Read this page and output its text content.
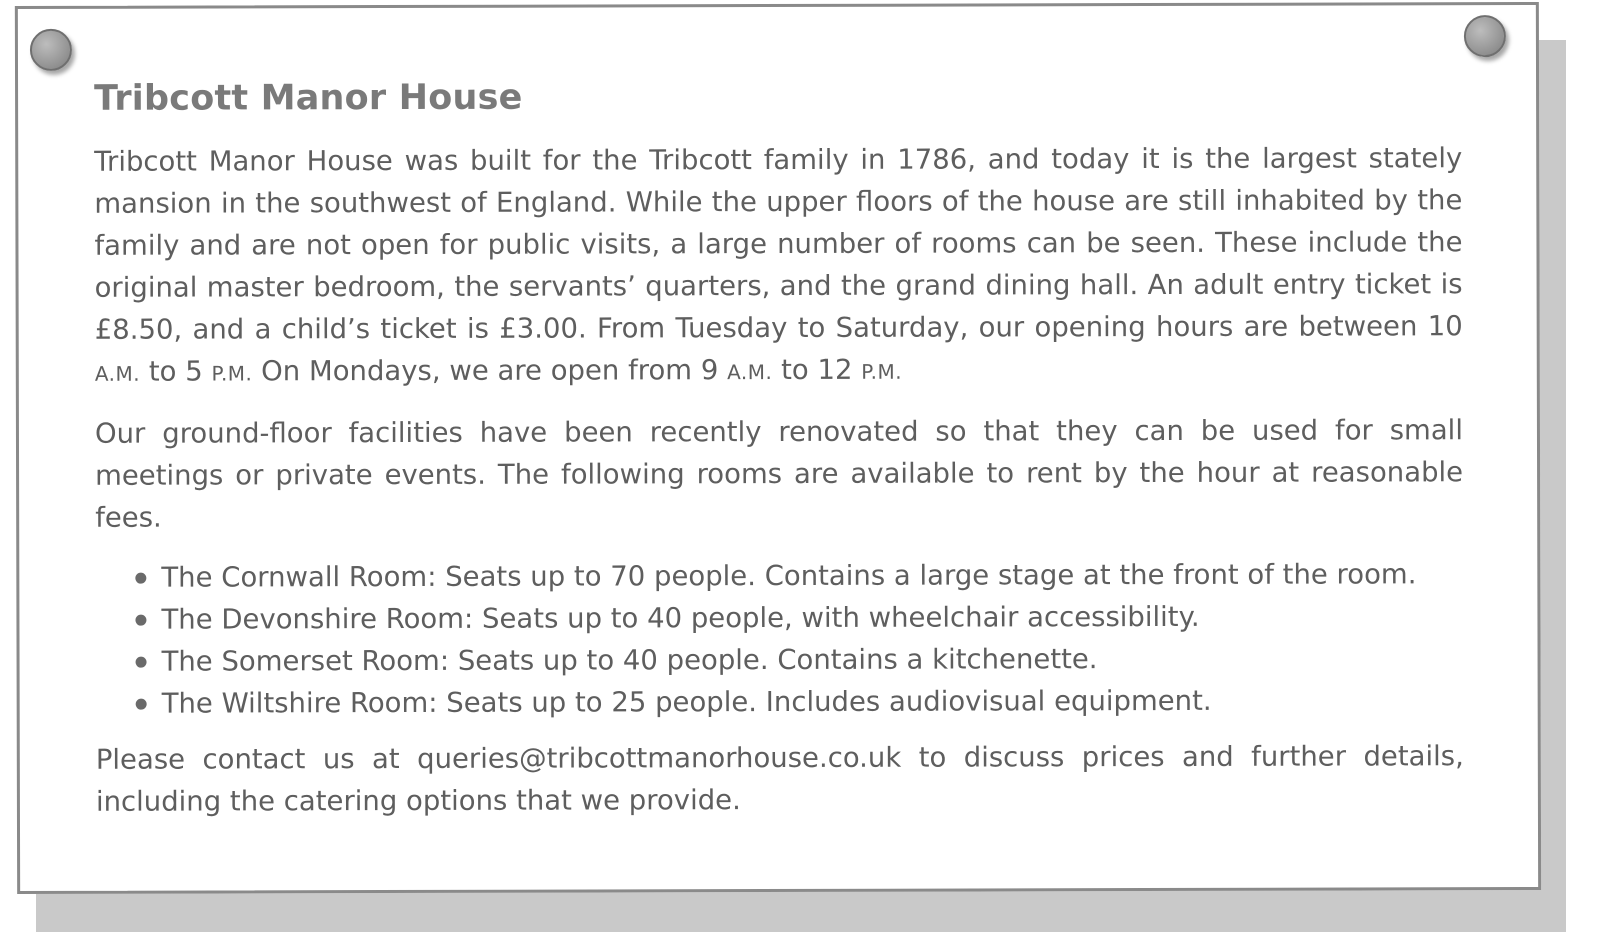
Tribcott Manor House

Tribcott Manor House was built for the Tribcott family in 1786, and today it is the largest stately mansion in the southwest of England. While the upper floors of the house are still inhabited by the family and are not open for public visits, a large number of rooms can be seen. These include the original master bedroom, the servants’ quarters, and the grand dining hall. An adult entry ticket is £8.50, and a child’s ticket is £3.00. From Tuesday to Saturday, our opening hours are between 10 A.M. to 5 P.M. On Mondays, we are open from 9 A.M. to 12 P.M.

Our ground-floor facilities have been recently renovated so that they can be used for small meetings or private events. The following rooms are available to rent by the hour at reasonable fees.

The Cornwall Room: Seats up to 70 people. Contains a large stage at the front of the room.
The Devonshire Room: Seats up to 40 people, with wheelchair accessibility.
The Somerset Room: Seats up to 40 people. Contains a kitchenette.
The Wiltshire Room: Seats up to 25 people. Includes audiovisual equipment.

Please contact us at queries@tribcottmanorhouse.co.uk to discuss prices and further details, including the catering options that we provide.
